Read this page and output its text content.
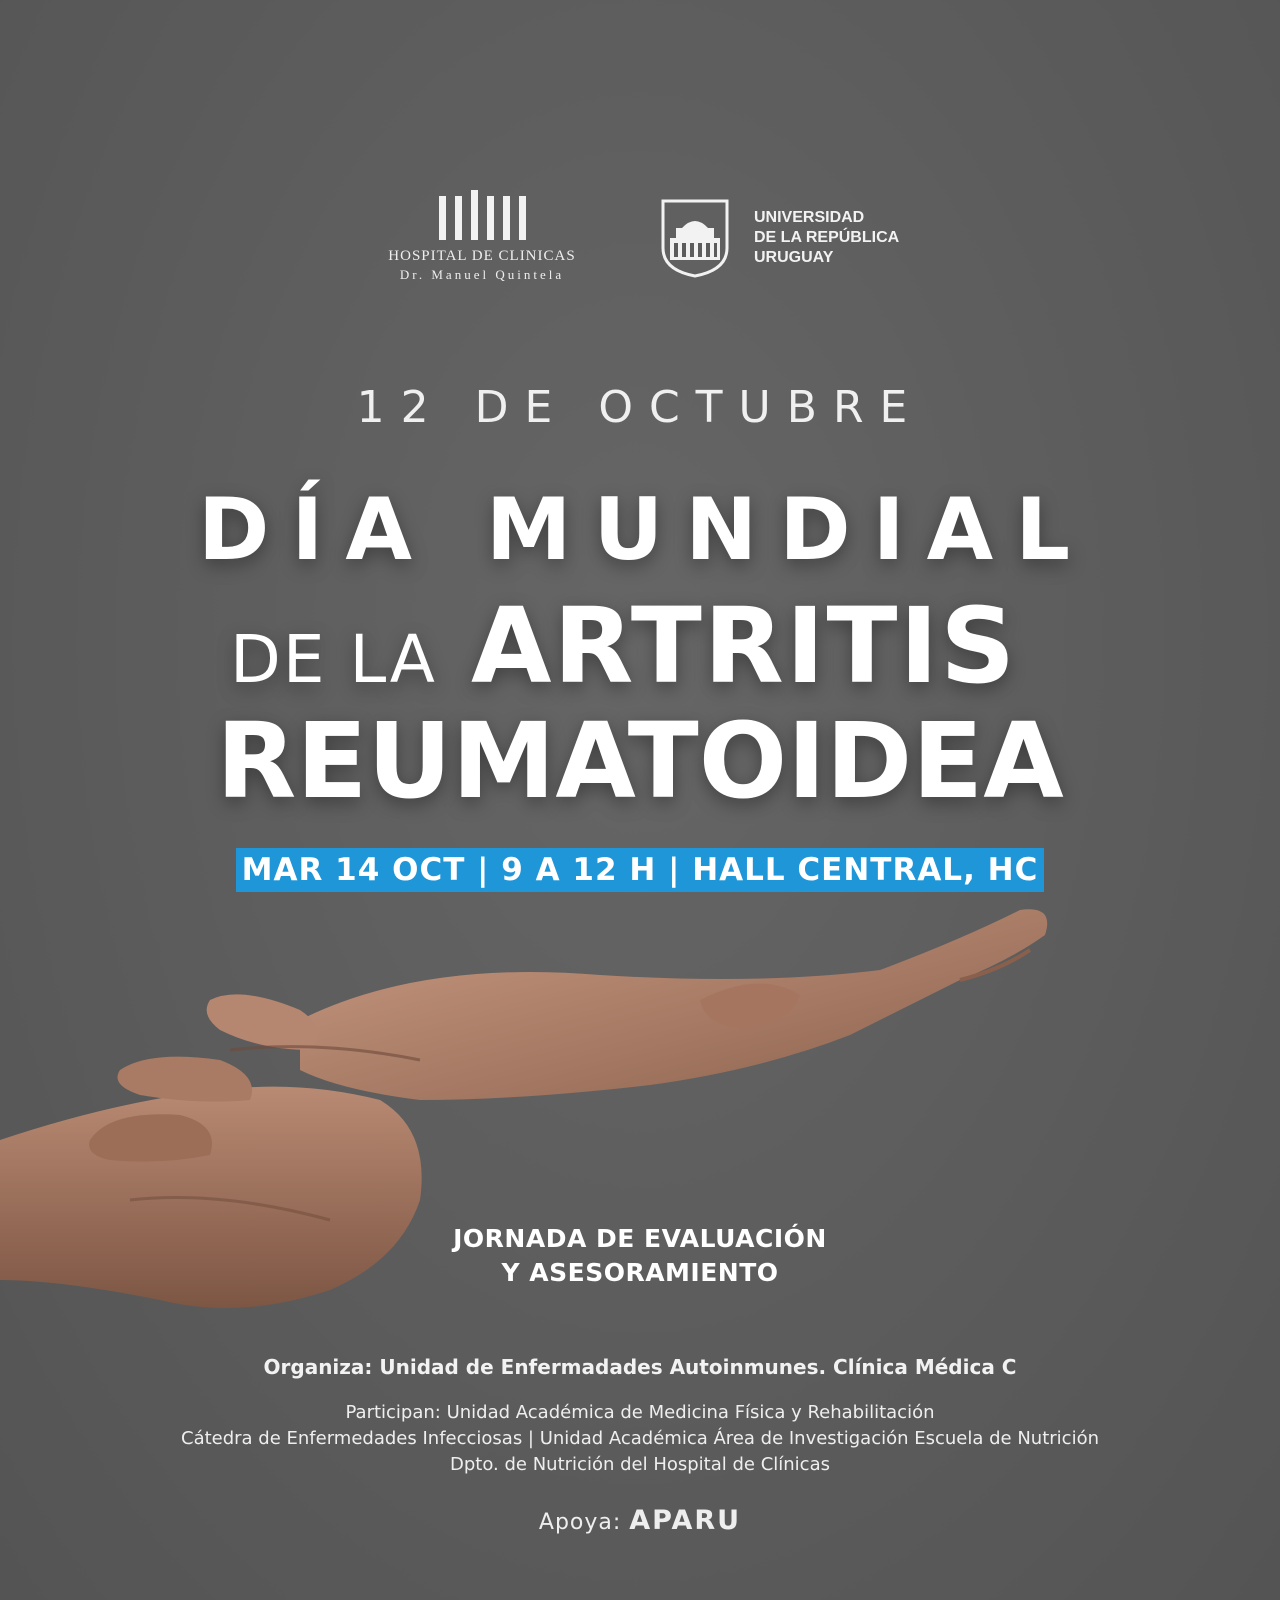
HOSPITAL DE CLINICAS
Dr. Manuel Quintela
UNIVERSIDAD
DE LA REPÚBLICA
URUGUAY
12 DE OCTUBRE
DÍA MUNDIAL
DE LA ARTRITIS
REUMATOIDEA
MAR 14 OCT | 9 A 12 H | HALL CENTRAL, HC
JORNADA DE EVALUACIÓN
Y ASESORAMIENTO
Organiza: Unidad de Enfermadades Autoinmunes. Clínica Médica C
Participan: Unidad Académica de Medicina Física y Rehabilitación
Cátedra de Enfermedades Infecciosas | Unidad Académica Área de Investigación Escuela de Nutrición
Dpto. de Nutrición del Hospital de Clínicas
Apoya: APARU
